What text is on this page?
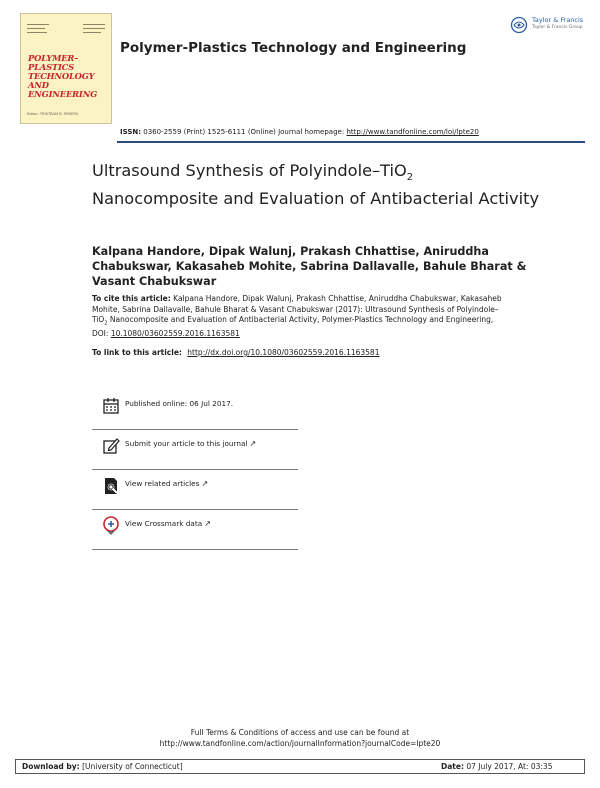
POLYMER–PLASTICS TECHNOLOGY AND ENGINEERING
Editor: TRISTRAM B. PEDERS
Polymer-Plastics Technology and Engineering
Taylor & Francis
Taylor & Francis Group
ISSN: 0360-2559 (Print) 1525-6111 (Online) Journal homepage: http://www.tandfonline.com/loi/lpte20
Ultrasound Synthesis of Polyindole–TiO$_2$
Nanocomposite and Evaluation of Antibacterial Activity
Kalpana Handore, Dipak Walunj, Prakash Chhattise, Aniruddha Chabukswar, Kakasaheb Mohite, Sabrina Dallavalle, Bahule Bharat & Vasant Chabukswar
To cite this article: Kalpana Handore, Dipak Walunj, Prakash Chhattise, Aniruddha Chabukswar, Kakasaheb Mohite, Sabrina Dallavalle, Bahule Bharat & Vasant Chabukswar (2017): Ultrasound Synthesis of Polyindole–TiO$_2$ Nanocomposite and Evaluation of Antibacterial Activity, Polymer-Plastics Technology and Engineering, DOI: 10.1080/03602559.2016.1163581
To link to this article: http://dx.doi.org/10.1080/03602559.2016.1163581
Published online: 06 Jul 2017.
Submit your article to this journal ↗
View related articles ↗
View Crossmark data ↗
Full Terms & Conditions of access and use can be found at
http://www.tandfonline.com/action/journalInformation?journalCode=lpte20
Download by: [University of Connecticut]	Date: 07 July 2017, At: 03:35
